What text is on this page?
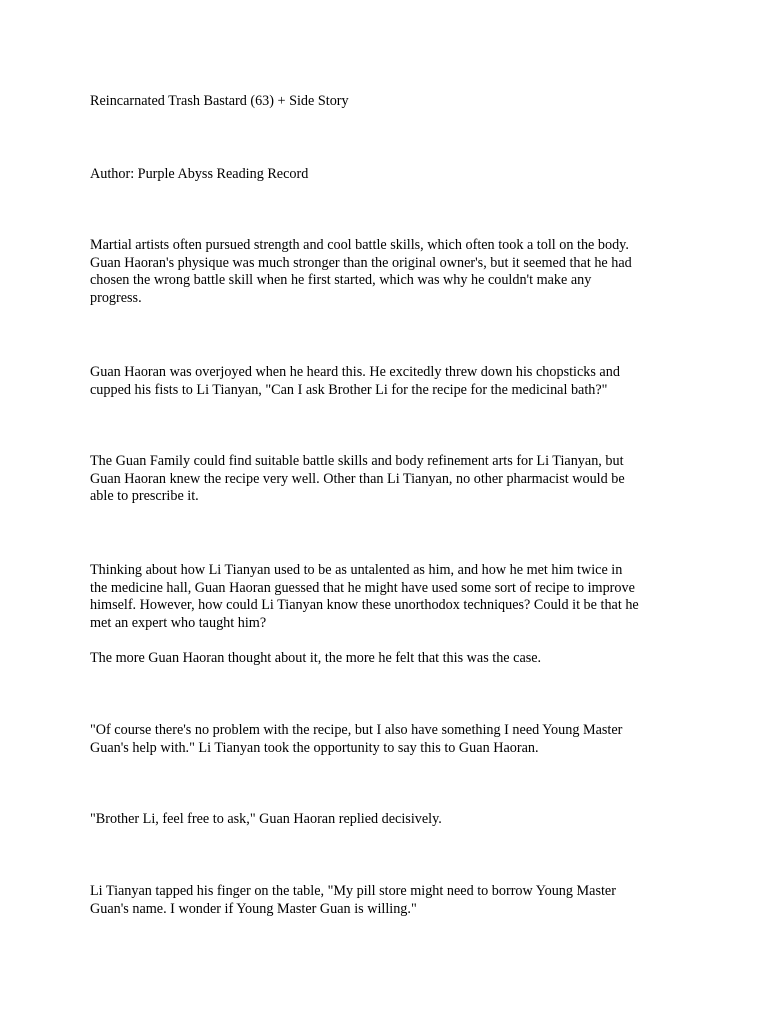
Reincarnated Trash Bastard (63) + Side Story

Author: Purple Abyss Reading Record

Martial artists often pursued strength and cool battle skills, which often took a toll on the body.
Guan Haoran's physique was much stronger than the original owner's, but it seemed that he had
chosen the wrong battle skill when he first started, which was why he couldn't make any
progress.

Guan Haoran was overjoyed when he heard this. He excitedly threw down his chopsticks and
cupped his fists to Li Tianyan, "Can I ask Brother Li for the recipe for the medicinal bath?"

The Guan Family could find suitable battle skills and body refinement arts for Li Tianyan, but
Guan Haoran knew the recipe very well. Other than Li Tianyan, no other pharmacist would be
able to prescribe it.

Thinking about how Li Tianyan used to be as untalented as him, and how he met him twice in
the medicine hall, Guan Haoran guessed that he might have used some sort of recipe to improve
himself. However, how could Li Tianyan know these unorthodox techniques? Could it be that he
met an expert who taught him?

The more Guan Haoran thought about it, the more he felt that this was the case.

"Of course there's no problem with the recipe, but I also have something I need Young Master
Guan's help with." Li Tianyan took the opportunity to say this to Guan Haoran.

"Brother Li, feel free to ask," Guan Haoran replied decisively.

Li Tianyan tapped his finger on the table, "My pill store might need to borrow Young Master
Guan's name. I wonder if Young Master Guan is willing."
